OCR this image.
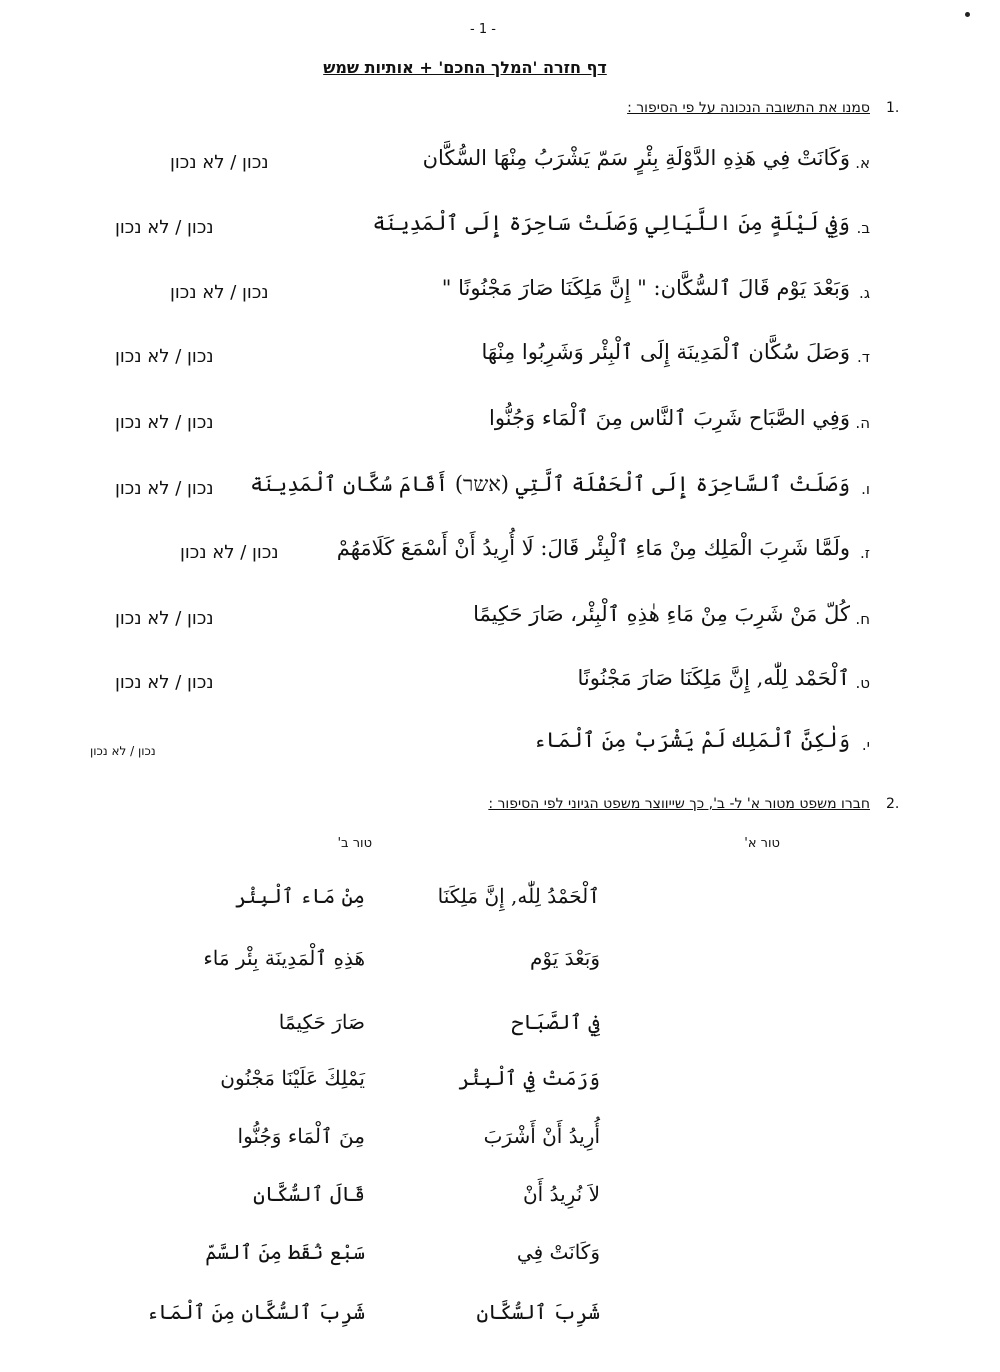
- 1 -
דף חזרה 'המלך החכם' + אותיות שמש
1.
סמנו את התשובה הנכונה על פי הסיפור :
א.
وَكَانَتْ فِي هَذِهِ الدَّوْلَةِ بِئْرٍ سَمّ يَشْرَبُ مِنْهَا السُّكَّان
נכון / לא נכון
ב.
وَفِي لَيْلَةٍ مِنَ اللَّيَالِي وَصَلَتْ سَاحِرَة إِلَى ٱلْمَدِينَة
נכון / לא נכון
ג.
وَبَعْدَ يَوْم قَالَ ٱلسُّكَّان: " إِنَّ مَلِكَنَا صَارَ مَجْنُونًا "
נכון / לא נכון
ד.
وَصَلَ سُكَّان ٱلْمَدِينَة إِلَى ٱلْبِئْر وَشَرِبُوا مِنْهَا
נכון / לא נכון
ה.
وَفِي الصَّبَاح شَرِبَ ٱلنَّاس مِنَ ٱلْمَاء وَجُنُّوا
נכון / לא נכון
ו.
وَصَلَتْ ٱلسَّاحِرَة إِلَى ٱلْحَفْلَة ٱلَّتِي (אשר) أَقَامَ سُكَّان ٱلْمَدِينَة
נכון / לא נכון
ז.
ولَمَّا شَرِبَ الْمَلِك مِنْ مَاءِ ٱلْبِئْر قَالَ: لَا أُرِيدُ أَنْ أَسْمَعَ كَلَامَهُمْ
נכון / לא נכון
ח.
كُلّ مَنْ شَرِبَ مِنْ مَاءِ هٰذِهِ ٱلْبِئْر، صَارَ حَكِيمًا
נכון / לא נכון
ט.
ٱلْحَمْد لِلّٰه, إِنَّ مَلِكَنَا صَارَ مَجْنُونًا
נכון / לא נכון
י.
وَلٰكِنَّ ٱلْمَلِك لَمْ يَشْرَبْ مِنَ ٱلْمَاء
נכון / לא נכון
2.
חברו משפט מטור א' ל- ב', כך שייווצר משפט הגיוני לפי הסיפור :
טור א'
טור ב'
ٱلْحَمْدُ لِلّٰه, إِنَّ مَلِكَنَا
وَبَعْدَ يَوْم
فِي ٱلصَّبَاح
وَرَمَتْ فِي ٱلْبِئْر
أُرِيدُ أَنْ أَشْرَبَ
لاَ نُرِيدُ أَنْ
وَكَانَتْ فِي
شَرِبَ ٱلسُّكَّان
مِنْ مَاء ٱلْبِئْر
هَذِهِ ٱلْمَدِينَة بِئْر مَاء
صَارَ حَكِيمًا
يَمْلِكَ عَلَيْنَا مَجْنُون
مِنَ ٱلْمَاء وَجُنُّوا
قَالَ ٱلسُّكَّان
سَبْع نُقَط مِنَ ٱلسَّمّ
شَرِبَ ٱلسُّكَّان مِنَ ٱلْمَاء
